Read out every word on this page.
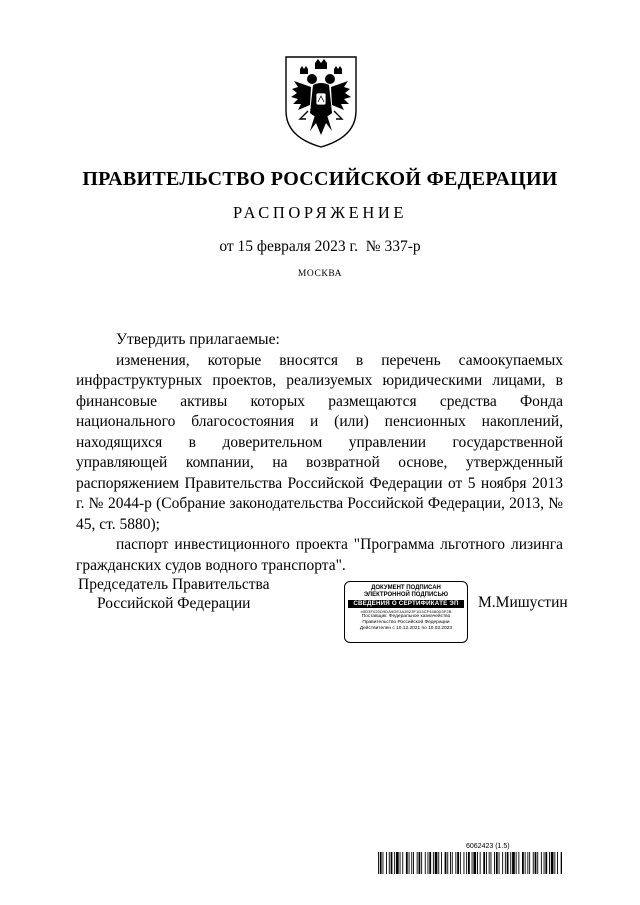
ПРАВИТЕЛЬСТВО РОССИЙСКОЙ ФЕДЕРАЦИИ
РАСПОРЯЖЕНИЕ
от 15 февраля 2023 г. № 337-р
МОСКВА

Утвердить прилагаемые:

изменения, которые вносятся в перечень самоокупаемых инфраструктурных проектов, реализуемых юридическими лицами, в финансовые активы которых размещаются средства Фонда национального благосостояния и (или) пенсионных накоплений, находящихся в доверительном управлении государственной управляющей компании, на возвратной основе, утвержденный распоряжением Правительства Российской Федерации от 5 ноября 2013 г. № 2044-р (Собрание законодательства Российской Федерации, 2013, № 45, ст. 5880);

паспорт инвестиционного проекта "Программа льготного лизинга гражданских судов водного транспорта".

Председатель Правительства
Российской Федерации
ДОКУМЕНТ ПОДПИСАН
ЭЛЕКТРОННОЙ ПОДПИСЬЮ
СВЕДЕНИЯ О СЕРТИФИКАТЕ ЭП
40D3F020D9DA9DE3A3923F1D3CF4480D3F2B
Поставщик: Федеральное казначейство
Правительство Российской Федерации
Действителен с 10.12.2021 по 10.03.2023
М.Мишустин
6062423 (1.5)
